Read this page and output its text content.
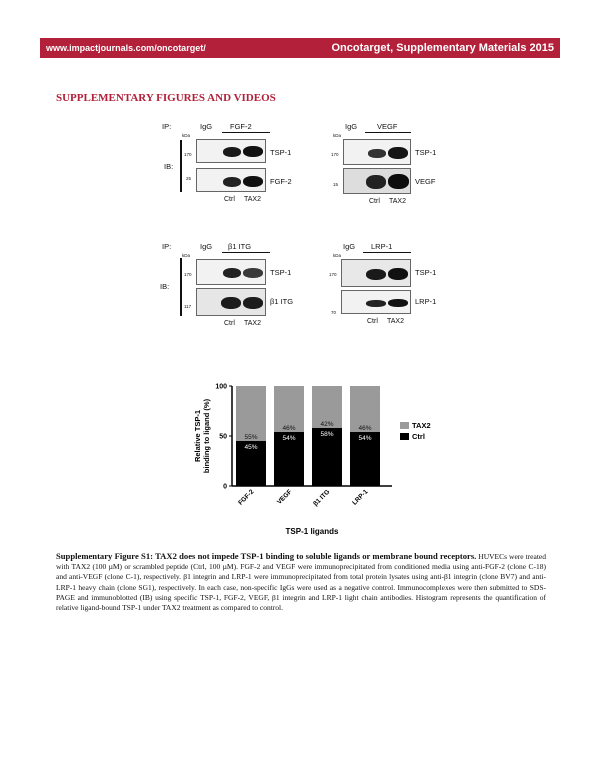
www.impactjournals.com/oncotarget/	Oncotarget, Supplementary Materials 2015
SUPPLEMENTARY FIGURES AND VIDEOS
IP:	IgG FGF-2
kDa
IB:
170
25
TSP-1
FGF-2
Ctrl TAX2
IgG	VEGF
kDa
170
15
TSP-1
VEGF
Ctrl TAX2
IP:	IgG β1 ITG
kDa
IB:
170
117
TSP-1
β1 ITG
Ctrl TAX2
IgG LRP-1
kDa
170
70
TSP-1
LRP-1
Ctrl TAX2
0
50
100
Relative TSP-1 binding to ligand (%)	55%
45%
FGF-2
46%
54%
VEGF
42%
58%
β1 ITG
46%
54%
LRP-1
TSP-1 ligands
TAX2
Ctrl
Supplementary Figure S1: TAX2 does not impede TSP-1 binding to soluble ligands or membrane bound receptors. HUVECs were treated with TAX2 (100 µM) or scrambled peptide (Ctrl, 100 µM). FGF-2 and VEGF were immunoprecipitated from conditioned media using anti-FGF-2 (clone C-18) and anti-VEGF (clone C-1), respectively. β1 integrin and LRP-1 were immunoprecipitated from total protein lysates using anti-β1 integrin (clone BV7) and anti-LRP-1 heavy chain (clone SG1), respectively. In each case, non-specific IgGs were used as a negative control. Immunocomplexes were then submitted to SDS-PAGE and immunoblotted (IB) using specific TSP-1, FGF-2, VEGF, β1 integrin and LRP-1 light chain antibodies. Histogram represents the quantification of relative ligand-bound TSP-1 under TAX2 treatment as compared to control.
